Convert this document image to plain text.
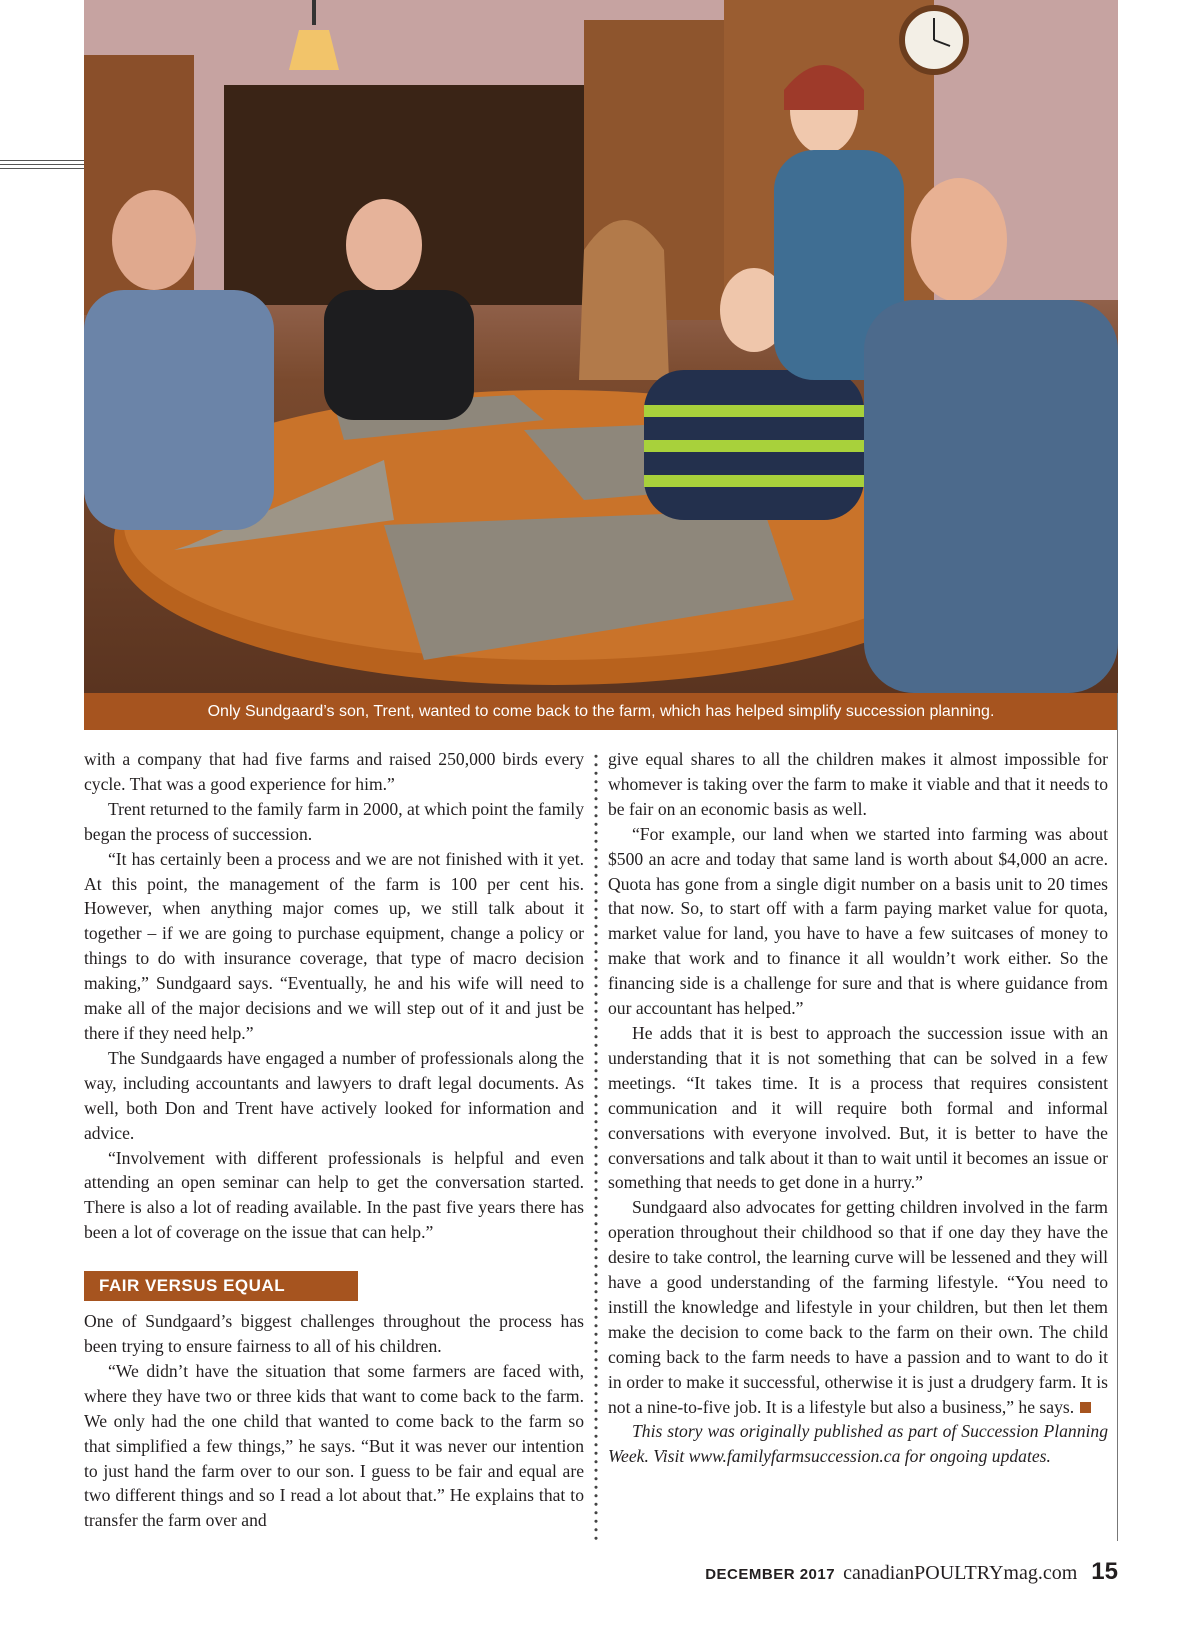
Only Sundgaard’s son, Trent, wanted to come back to the farm, which has helped simplify succession planning.

with a company that had five farms and raised 250,000 birds every cycle. That was a good experience for him.”

Trent returned to the family farm in 2000, at which point the family began the process of succession.

“It has certainly been a process and we are not finished with it yet. At this point, the management of the farm is 100 per cent his. However, when anything major comes up, we still talk about it together – if we are going to purchase equipment, change a policy or things to do with insurance coverage, that type of macro decision making,” Sundgaard says. “Eventually, he and his wife will need to make all of the major decisions and we will step out of it and just be there if they need help.”

The Sundgaards have engaged a number of professionals along the way, including accountants and lawyers to draft legal documents. As well, both Don and Trent have actively looked for information and advice.

“Involvement with different professionals is helpful and even attending an open seminar can help to get the conversation started. There is also a lot of reading available. In the past five years there has been a lot of coverage on the issue that can help.”

FAIR VERSUS EQUAL

One of Sundgaard’s biggest challenges throughout the process has been trying to ensure fairness to all of his children.

“We didn’t have the situation that some farmers are faced with, where they have two or three kids that want to come back to the farm. We only had the one child that wanted to come back to the farm so that simplified a few things,” he says. “But it was never our intention to just hand the farm over to our son. I guess to be fair and equal are two different things and so I read a lot about that.” He explains that to transfer the farm over and

give equal shares to all the children makes it almost impossible for whomever is taking over the farm to make it viable and that it needs to be fair on an economic basis as well.

“For example, our land when we started into farming was about $500 an acre and today that same land is worth about $4,000 an acre. Quota has gone from a single digit number on a basis unit to 20 times that now. So, to start off with a farm paying market value for quota, market value for land, you have to have a few suitcases of money to make that work and to finance it all wouldn’t work either. So the financing side is a challenge for sure and that is where guidance from our accountant has helped.”

He adds that it is best to approach the succession issue with an understanding that it is not something that can be solved in a few meetings. “It takes time. It is a process that requires consistent communication and it will require both formal and informal conversations with everyone involved. But, it is better to have the conversations and talk about it than to wait until it becomes an issue or something that needs to get done in a hurry.”

Sundgaard also advocates for getting children involved in the farm operation throughout their childhood so that if one day they have the desire to take control, the learning curve will be lessened and they will have a good understanding of the farming lifestyle. “You need to instill the knowledge and lifestyle in your children, but then let them make the decision to come back to the farm on their own. The child coming back to the farm needs to have a passion and to want to do it in order to make it successful, otherwise it is just a drudgery farm. It is not a nine-to-five job. It is a lifestyle but also a business,” he says.

This story was originally published as part of Succession Planning Week. Visit www.familyfarmsuccession.ca for ongoing updates.

DECEMBER 2017 canadianPOULTRYmag.com 15
